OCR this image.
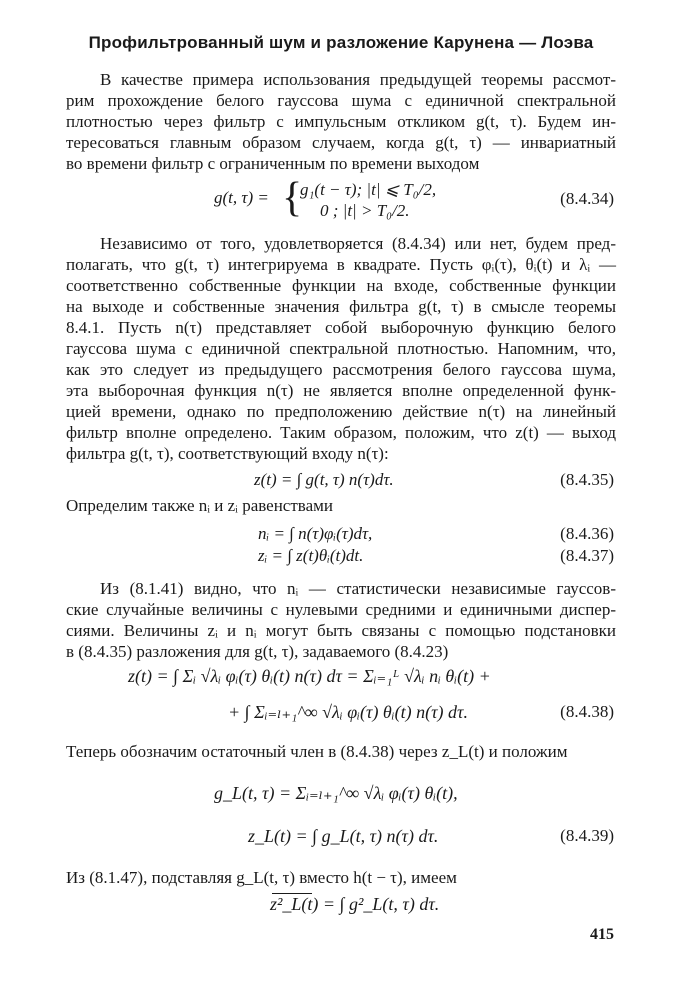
Профильтрованный шум и разложение Карунена — Лоэва
В качестве примера использования предыдущей теоремы рассмот-
рим прохождение белого гауссова шума с единичной спектральной
плотностью через фильтр с импульсным откликом g(t, τ). Будем ин-
тересоваться главным образом случаем, когда g(t, τ) — инвариатный
во времени фильтр с ограниченным по времени выходом
g(t, τ) = {
g₁(t − τ); |t| ⩽ T₀/2,
0 ; |t| > T₀/2.
(8.4.34)
Независимо от того, удовлетворяется (8.4.34) или нет, будем пред-
полагать, что g(t, τ) интегрируема в квадрате. Пусть φᵢ(τ), θᵢ(t) и λᵢ —
соответственно собственные функции на входе, собственные функции
на выходе и собственные значения фильтра g(t, τ) в смысле теоремы
8.4.1. Пусть n(τ) представляет собой выборочную функцию белого
гауссова шума с единичной спектральной плотностью. Напомним, что,
как это следует из предыдущего рассмотрения белого гауссова шума,
эта выборочная функция n(τ) не является вполне определенной функ-
цией времени, однако по предположению действие n(τ) на линейный
фильтр вполне определено. Таким образом, положим, что z(t) — выход
фильтра g(t, τ), соответствующий входу n(τ):
z(t) = ∫ g(t, τ) n(τ)dτ.	(8.4.35)
Определим также nᵢ и zᵢ равенствами
nᵢ = ∫ n(τ)φᵢ(τ)dτ,	(8.4.36)
zᵢ = ∫ z(t)θᵢ(t)dt.	(8.4.37)
Из (8.1.41) видно, что nᵢ — статистически независимые гауссов-
ские случайные величины с нулевыми средними и единичными диспер-
сиями. Величины zᵢ и nᵢ могут быть связаны с помощью подстановки
в (8.4.35) разложения для g(t, τ), задаваемого (8.4.23)
z(t) = ∫ Σᵢ √λᵢ φᵢ(τ) θᵢ(t) n(τ) dτ = Σᵢ₌₁ᴸ √λᵢ nᵢ θᵢ(t) +
+ ∫ Σᵢ₌ₗ₊₁^∞ √λᵢ φᵢ(τ) θᵢ(t) n(τ) dτ.	(8.4.38)
Теперь обозначим остаточный член в (8.4.38) через z_L(t) и положим
g_L(t, τ) = Σᵢ₌ₗ₊₁^∞ √λᵢ φᵢ(τ) θᵢ(t),
z_L(t) = ∫ g_L(t, τ) n(τ) dτ.	(8.4.39)
Из (8.1.47), подставляя g_L(t, τ) вместо h(t − τ), имеем
z²_L(t) = ∫ g²_L(t, τ) dτ.
415
